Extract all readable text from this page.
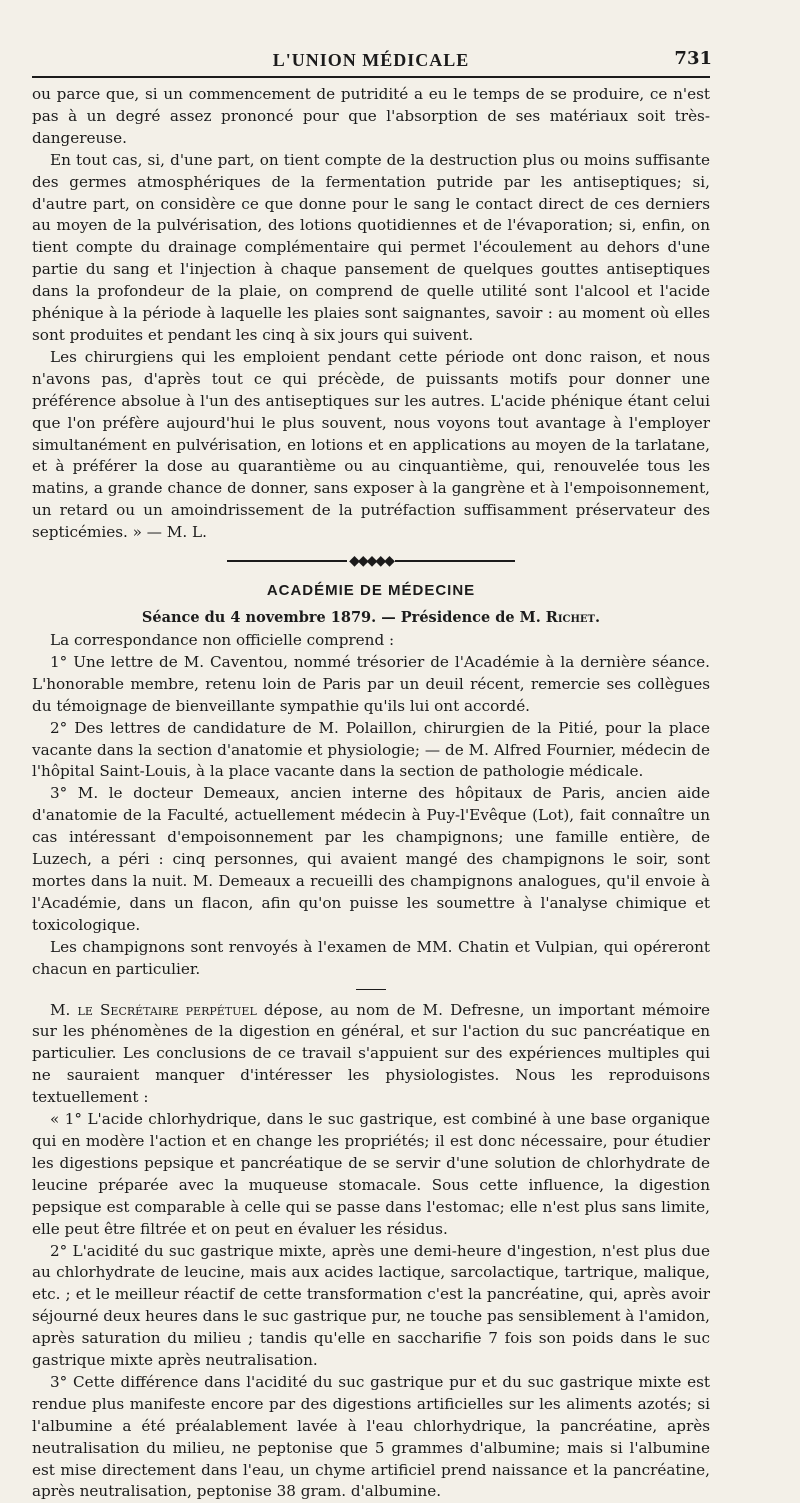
L'UNION MÉDICALE	731

ou parce que, si un commencement de putridité a eu le temps de se produire, ce n'est pas à un degré assez prononcé pour que l'absorption de ses matériaux soit très-dangereuse.

En tout cas, si, d'une part, on tient compte de la destruction plus ou moins suffisante des germes atmosphériques de la fermentation putride par les antiseptiques; si, d'autre part, on considère ce que donne pour le sang le contact direct de ces derniers au moyen de la pulvérisation, des lotions quotidiennes et de l'évaporation; si, enfin, on tient compte du drainage complémentaire qui permet l'écoulement au dehors d'une partie du sang et l'injection à chaque pansement de quelques gouttes antiseptiques dans la profondeur de la plaie, on comprend de quelle utilité sont l'alcool et l'acide phénique à la période à laquelle les plaies sont saignantes, savoir : au moment où elles sont produites et pendant les cinq à six jours qui suivent.

Les chirurgiens qui les emploient pendant cette période ont donc raison, et nous n'avons pas, d'après tout ce qui précède, de puissants motifs pour donner une préférence absolue à l'un des antiseptiques sur les autres. L'acide phénique étant celui que l'on préfère aujourd'hui le plus souvent, nous voyons tout avantage à l'employer simultanément en pulvérisation, en lotions et en applications au moyen de la tarlatane, et à préférer la dose au quarantième ou au cinquantième, qui, renouvelée tous les matins, a grande chance de donner, sans exposer à la gangrène et à l'empoisonnement, un retard ou un amoindrissement de la putréfaction suffisamment préservateur des septicémies. » — M. L.

◆◆◆◆◆
ACADÉMIE DE MÉDECINE
Séance du 4 novembre 1879. — Présidence de M. Richet.

La correspondance non officielle comprend :

1° Une lettre de M. Caventou, nommé trésorier de l'Académie à la dernière séance. L'honorable membre, retenu loin de Paris par un deuil récent, remercie ses collègues du témoignage de bienveillante sympathie qu'ils lui ont accordé.

2° Des lettres de candidature de M. Polaillon, chirurgien de la Pitié, pour la place vacante dans la section d'anatomie et physiologie; — de M. Alfred Fournier, médecin de l'hôpital Saint-Louis, à la place vacante dans la section de pathologie médicale.

3° M. le docteur Demeaux, ancien interne des hôpitaux de Paris, ancien aide d'anatomie de la Faculté, actuellement médecin à Puy-l'Evêque (Lot), fait connaître un cas intéressant d'empoisonnement par les champignons; une famille entière, de Luzech, a péri : cinq personnes, qui avaient mangé des champignons le soir, sont mortes dans la nuit. M. Demeaux a recueilli des champignons analogues, qu'il envoie à l'Académie, dans un flacon, afin qu'on puisse les soumettre à l'analyse chimique et toxicologique.

Les champignons sont renvoyés à l'examen de MM. Chatin et Vulpian, qui opéreront chacun en particulier.

M. le Secrétaire perpétuel dépose, au nom de M. Defresne, un important mémoire sur les phénomènes de la digestion en général, et sur l'action du suc pancréatique en particulier. Les conclusions de ce travail s'appuient sur des expériences multiples qui ne sauraient manquer d'intéresser les physiologistes. Nous les reproduisons textuellement :

« 1° L'acide chlorhydrique, dans le suc gastrique, est combiné à une base organique qui en modère l'action et en change les propriétés; il est donc nécessaire, pour étudier les digestions pepsique et pancréatique de se servir d'une solution de chlorhydrate de leucine préparée avec la muqueuse stomacale. Sous cette influence, la digestion pepsique est comparable à celle qui se passe dans l'estomac; elle n'est plus sans limite, elle peut être filtrée et on peut en évaluer les résidus.

2° L'acidité du suc gastrique mixte, après une demi-heure d'ingestion, n'est plus due au chlorhydrate de leucine, mais aux acides lactique, sarcolactique, tartrique, malique, etc. ; et le meilleur réactif de cette transformation c'est la pancréatine, qui, après avoir séjourné deux heures dans le suc gastrique pur, ne touche pas sensiblement à l'amidon, après saturation du milieu ; tandis qu'elle en saccharifie 7 fois son poids dans le suc gastrique mixte après neutralisation.

3° Cette différence dans l'acidité du suc gastrique pur et du suc gastrique mixte est rendue plus manifeste encore par des digestions artificielles sur les aliments azotés; si l'albumine a été préalablement lavée à l'eau chlorhydrique, la pancréatine, après neutralisation du milieu, ne peptonise que 5 grammes d'albumine; mais si l'albumine est mise directement dans l'eau, un chyme artificiel prend naissance et la pancréatine, après neutralisation, peptonise 38 gram. d'albumine.
